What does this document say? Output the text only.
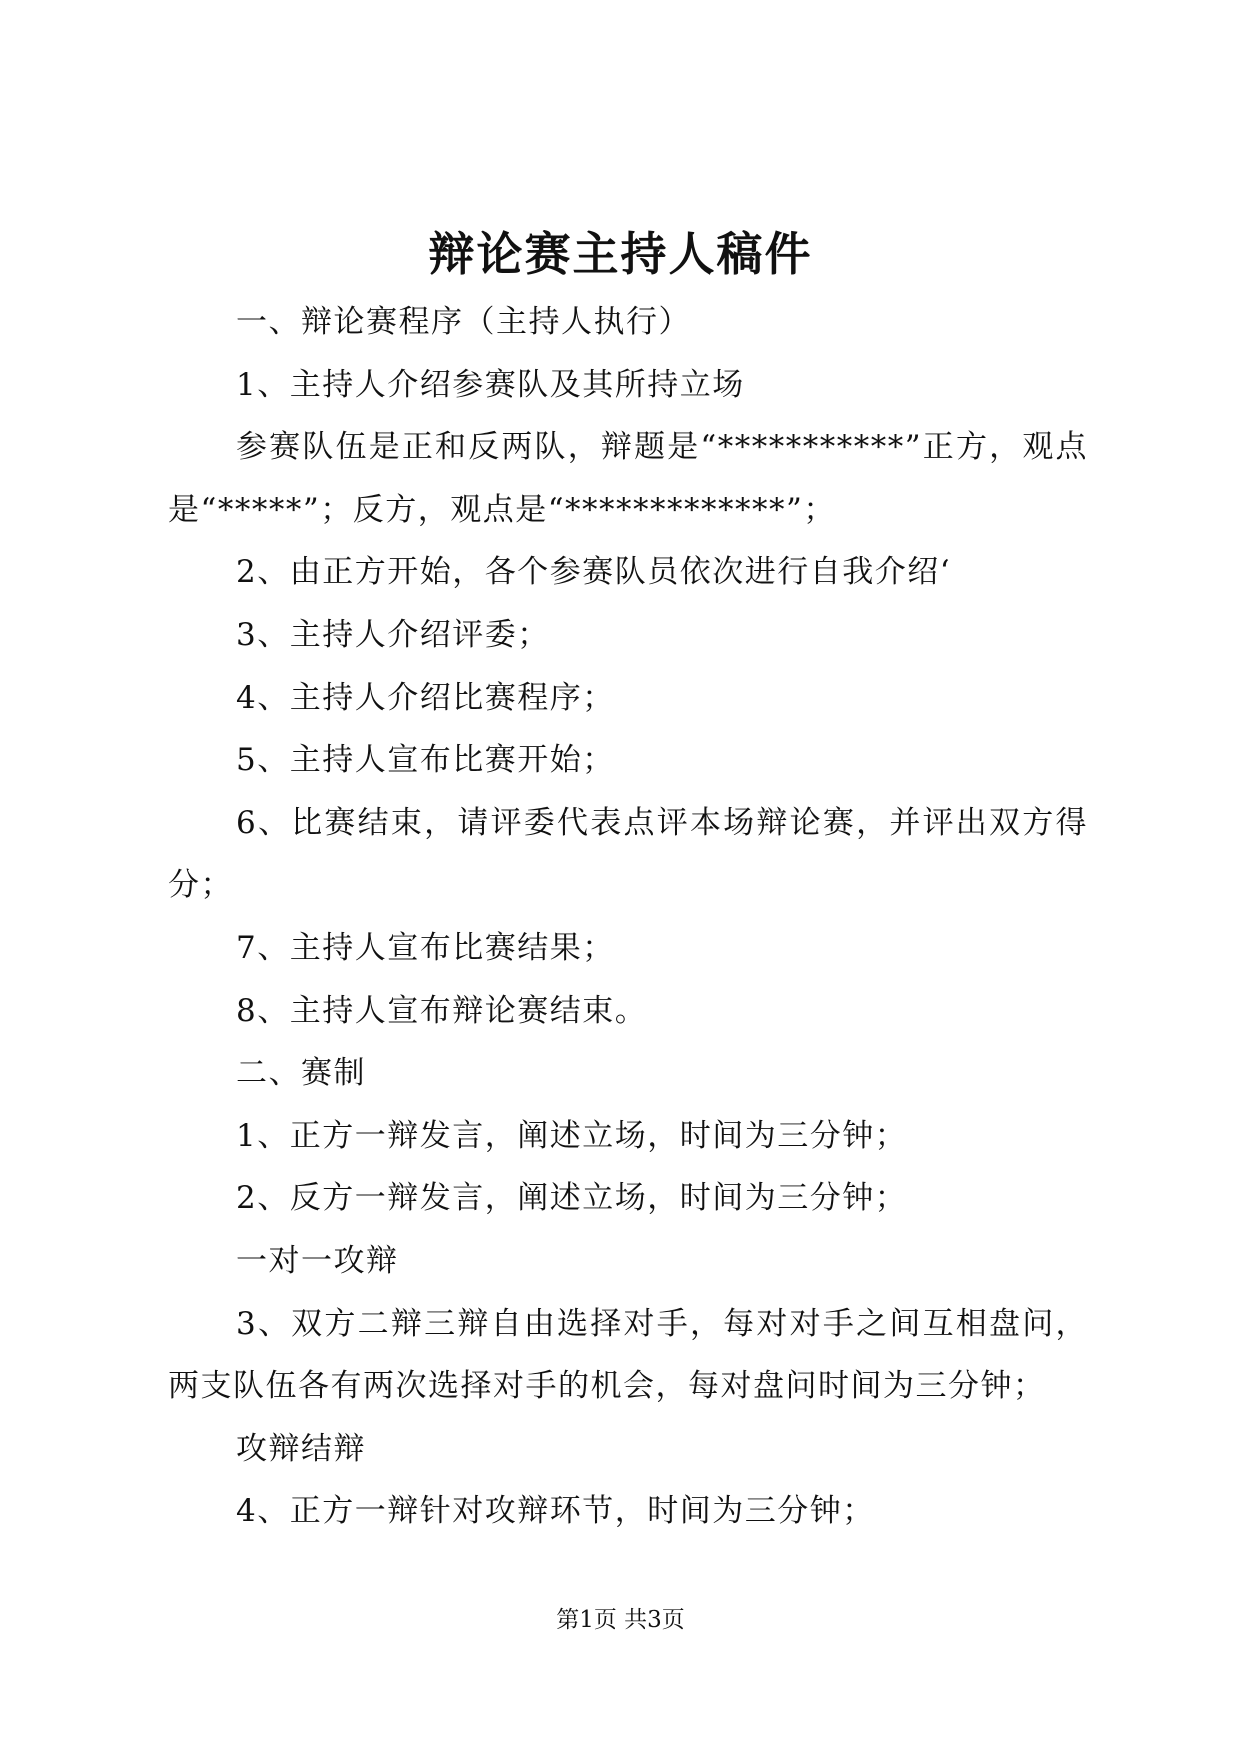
辩论赛主持人稿件

一、辩论赛程序（主持人执行）

1、主持人介绍参赛队及其所持立场

参赛队伍是正和反两队，辩题是“***********”正方，观点是“*****”；反方，观点是“*************”；

2、由正方开始，各个参赛队员依次进行自我介绍‘

3、主持人介绍评委；

4、主持人介绍比赛程序；

5、主持人宣布比赛开始；

6、比赛结束，请评委代表点评本场辩论赛，并评出双方得分；

7、主持人宣布比赛结果；

8、主持人宣布辩论赛结束。

二、赛制

1、正方一辩发言，阐述立场，时间为三分钟；

2、反方一辩发言，阐述立场，时间为三分钟；

一对一攻辩

3、双方二辩三辩自由选择对手，每对对手之间互相盘问，两支队伍各有两次选择对手的机会，每对盘问时间为三分钟；

攻辩结辩

4、正方一辩针对攻辩环节，时间为三分钟；

第1页 共3页
